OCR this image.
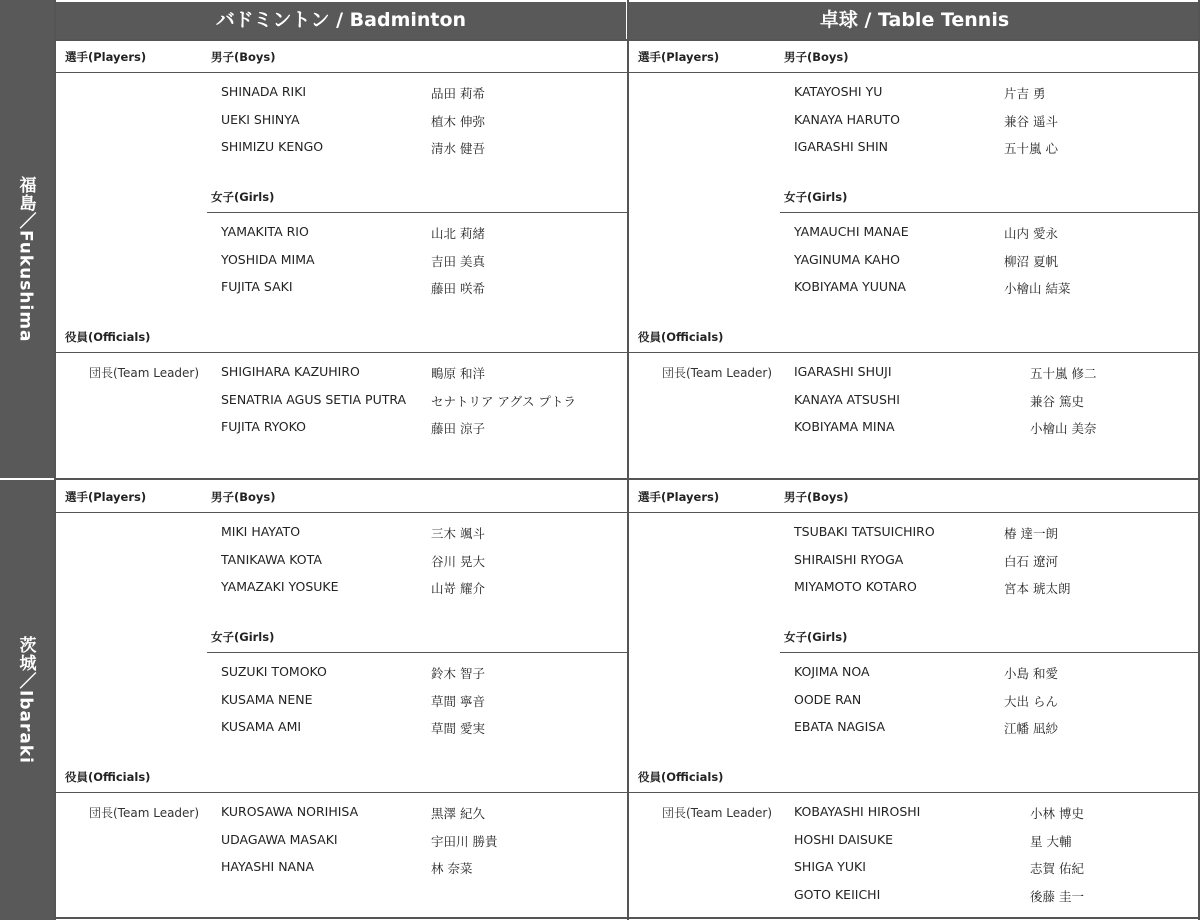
バドミントン / Badminton	卓球 / Table Tennis
福島／Fukushima
茨城／Ibaraki
選手(Players)	男子(Boys)
SHINADA RIKI	品田 莉希
UEKI SHINYA	植木 伸弥
SHIMIZU KENGO	清水 健吾
女子(Girls)
YAMAKITA RIO	山北 莉緒
YOSHIDA MIMA	吉田 美真
FUJITA SAKI	藤田 咲希
役員(Officials)
団長(Team Leader) SHIGIHARA KAZUHIRO	鴫原 和洋
SENATRIA AGUS SETIA PUTRA セナトリア アグス プトラ
FUJITA RYOKO	藤田 涼子
選手(Players)	男子(Boys)
KATAYOSHI YU	片吉 勇
KANAYA HARUTO	兼谷 遥斗
IGARASHI SHIN	五十嵐 心
女子(Girls)
YAMAUCHI MANAE	山内 愛永
YAGINUMA KAHO	柳沼 夏帆
KOBIYAMA YUUNA	小檜山 結菜
役員(Officials)
団長(Team Leader) IGARASHI SHUJI	五十嵐 修二
KANAYA ATSUSHI	兼谷 篤史
KOBIYAMA MINA	小檜山 美奈
選手(Players)	男子(Boys)
MIKI HAYATO	三木 颯斗
TANIKAWA KOTA	谷川 晃大
YAMAZAKI YOSUKE	山嵜 耀介
女子(Girls)
SUZUKI TOMOKO	鈴木 智子
KUSAMA NENE	草間 寧音
KUSAMA AMI	草間 愛実
役員(Officials)
団長(Team Leader) KUROSAWA NORIHISA	黒澤 紀久
UDAGAWA MASAKI	宇田川 勝貴
HAYASHI NANA	林 奈菜
選手(Players)	男子(Boys)
TSUBAKI TATSUICHIRO	椿 達一朗
SHIRAISHI RYOGA	白石 遼河
MIYAMOTO KOTARO	宮本 琥太朗
女子(Girls)
KOJIMA NOA	小島 和愛
OODE RAN	大出 らん
EBATA NAGISA	江幡 凪紗
役員(Officials)
団長(Team Leader) KOBAYASHI HIROSHI	小林 博史
HOSHI DAISUKE	星 大輔
SHIGA YUKI	志賀 佑紀
GOTO KEIICHI	後藤 圭一
